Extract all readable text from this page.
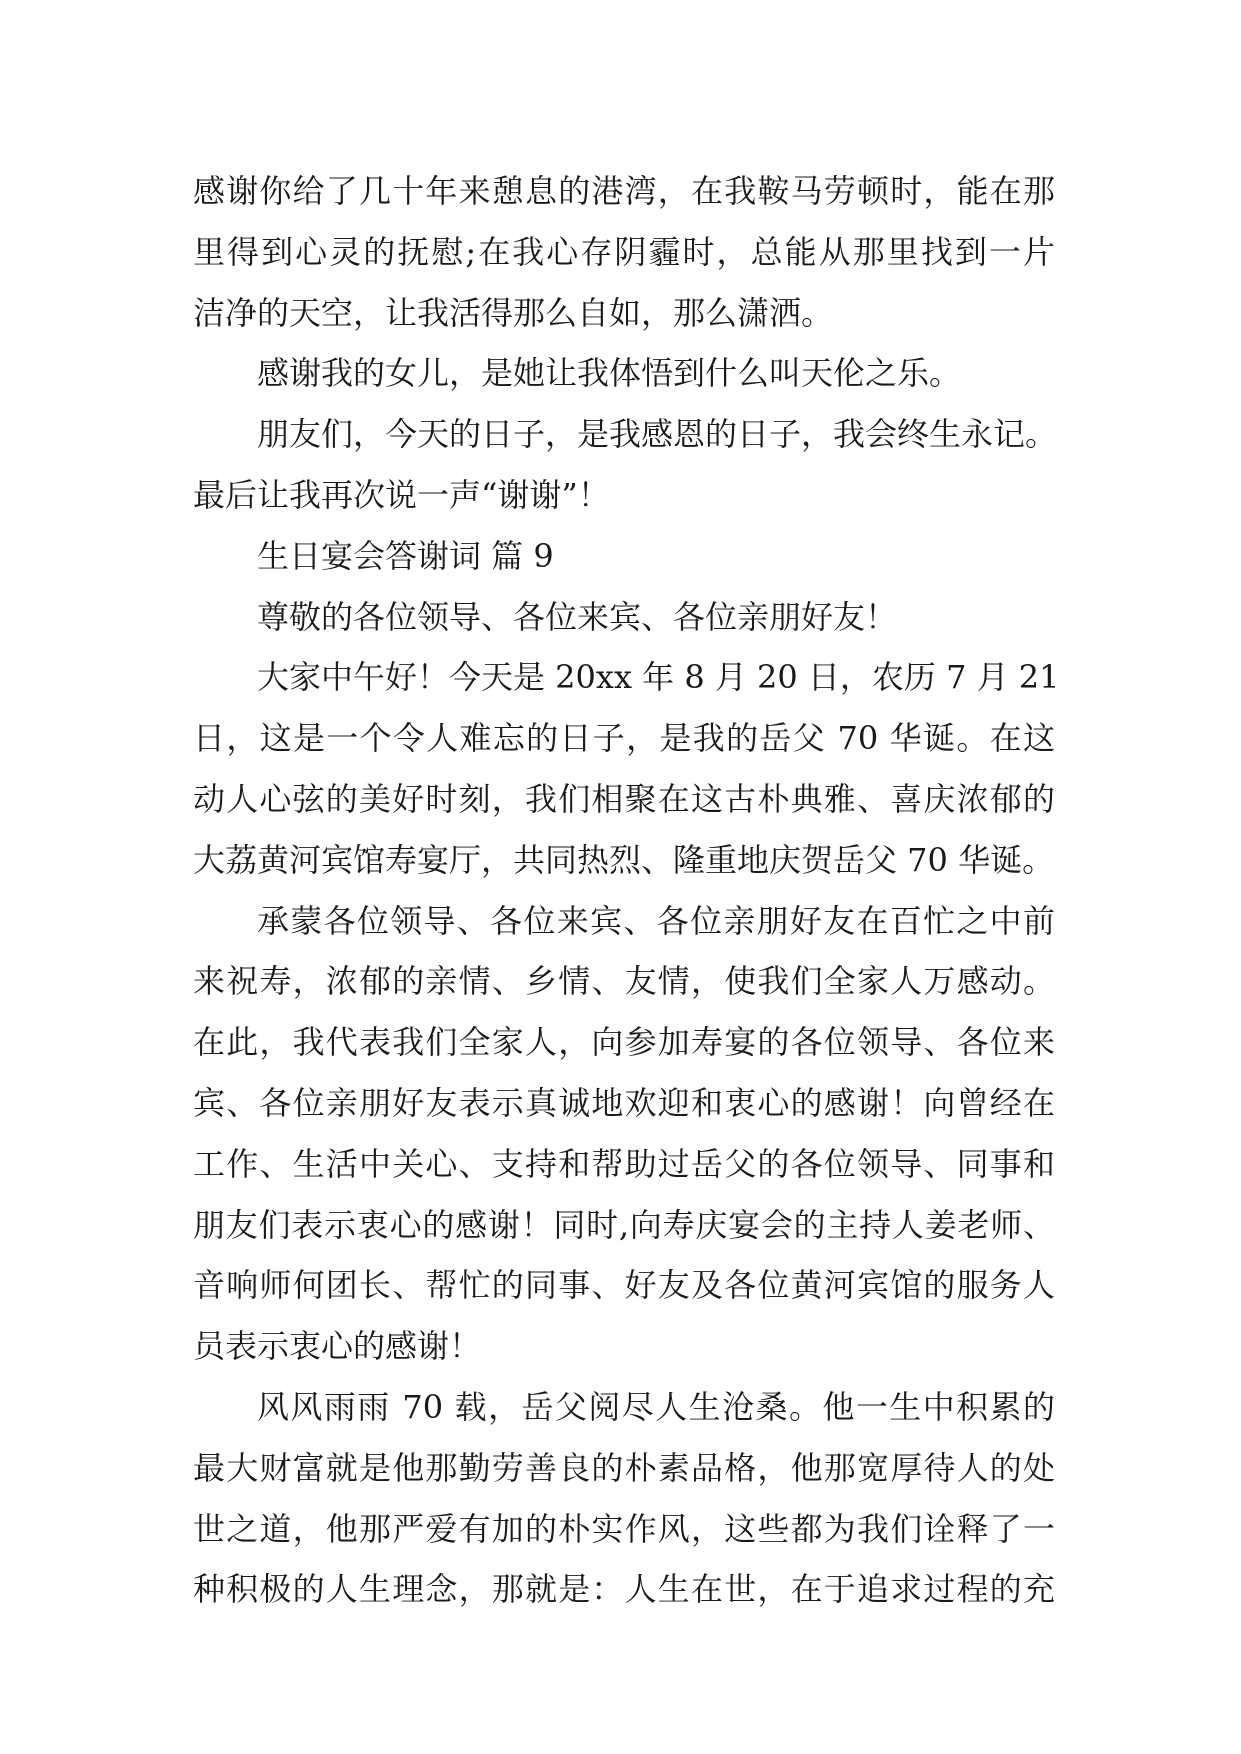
感谢你给了几十年来憩息的港湾，在我鞍马劳顿时，能在那
里得到心灵的抚慰;在我心存阴霾时，总能从那里找到一片
洁净的天空，让我活得那么自如，那么潇洒。
感谢我的女儿，是她让我体悟到什么叫天伦之乐。
朋友们，今天的日子，是我感恩的日子，我会终生永记。
最后让我再次说一声“谢谢”！
生日宴会答谢词 篇 9
尊敬的各位领导、各位来宾、各位亲朋好友！
大家中午好！今天是 20xx 年 8 月 20 日，农历 7 月 21
日，这是一个令人难忘的日子，是我的岳父 70 华诞。在这
动人心弦的美好时刻，我们相聚在这古朴典雅、喜庆浓郁的
大荔黄河宾馆寿宴厅，共同热烈、隆重地庆贺岳父 70 华诞。
承蒙各位领导、各位来宾、各位亲朋好友在百忙之中前
来祝寿，浓郁的亲情、乡情、友情，使我们全家人万感动。
在此，我代表我们全家人，向参加寿宴的各位领导、各位来
宾、各位亲朋好友表示真诚地欢迎和衷心的感谢！向曾经在
工作、生活中关心、支持和帮助过岳父的各位领导、同事和
朋友们表示衷心的感谢！同时,向寿庆宴会的主持人姜老师、
音响师何团长、帮忙的同事、好友及各位黄河宾馆的服务人
员表示衷心的感谢！
风风雨雨 70 载，岳父阅尽人生沧桑。他一生中积累的
最大财富就是他那勤劳善良的朴素品格，他那宽厚待人的处
世之道，他那严爱有加的朴实作风，这些都为我们诠释了一
种积极的人生理念，那就是：人生在世，在于追求过程的充
